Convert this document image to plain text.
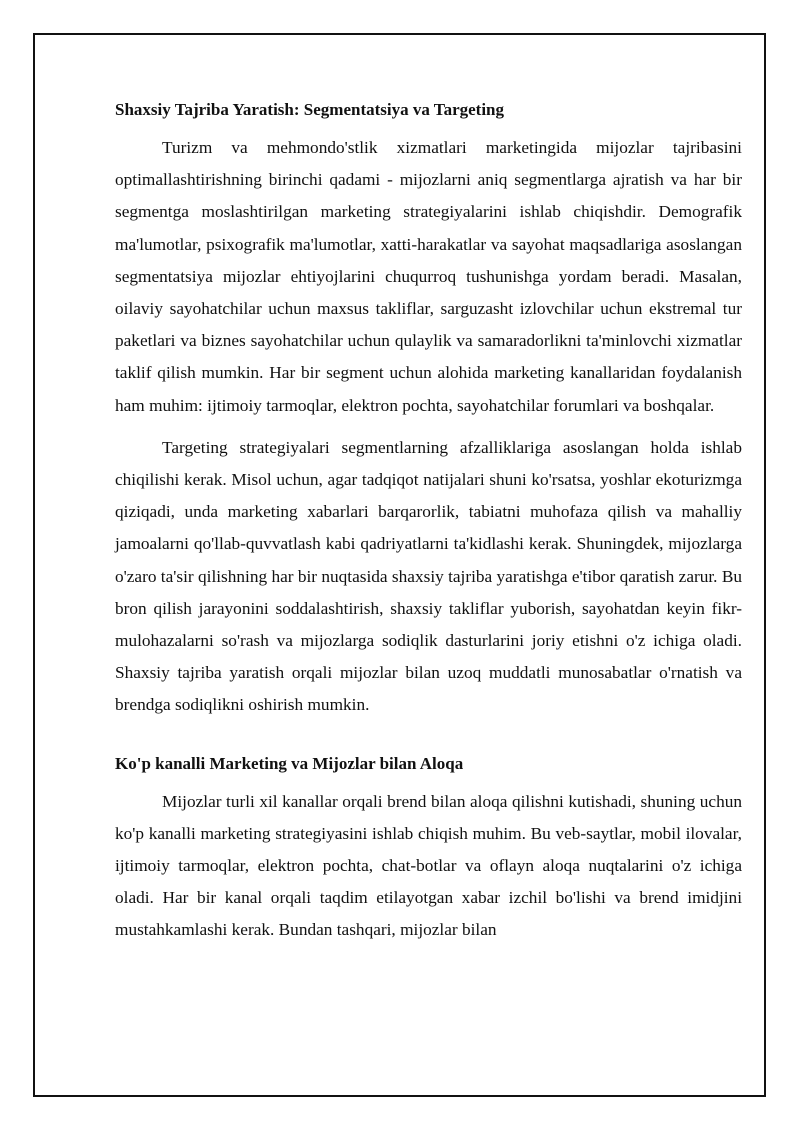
Shaxsiy Tajriba Yaratish: Segmentatsiya va Targeting

Turizm va mehmondo'stlik xizmatlari marketingida mijozlar tajribasini optimallashtirishning birinchi qadami - mijozlarni aniq segmentlarga ajratish va har bir segmentga moslashtirilgan marketing strategiyalarini ishlab chiqishdir. Demografik ma'lumotlar, psixografik ma'lumotlar, xatti-harakatlar va sayohat maqsadlariga asoslangan segmentatsiya mijozlar ehtiyojlarini chuqurroq tushunishga yordam beradi. Masalan, oilaviy sayohatchilar uchun maxsus takliflar, sarguzasht izlovchilar uchun ekstremal tur paketlari va biznes sayohatchilar uchun qulaylik va samaradorlikni ta'minlovchi xizmatlar taklif qilish mumkin. Har bir segment uchun alohida marketing kanallaridan foydalanish ham muhim: ijtimoiy tarmoqlar, elektron pochta, sayohatchilar forumlari va boshqalar.

Targeting strategiyalari segmentlarning afzalliklariga asoslangan holda ishlab chiqilishi kerak. Misol uchun, agar tadqiqot natijalari shuni ko'rsatsa, yoshlar ekoturizmga qiziqadi, unda marketing xabarlari barqarorlik, tabiatni muhofaza qilish va mahalliy jamoalarni qo'llab-quvvatlash kabi qadriyatlarni ta'kidlashi kerak. Shuningdek, mijozlarga o'zaro ta'sir qilishning har bir nuqtasida shaxsiy tajriba yaratishga e'tibor qaratish zarur. Bu bron qilish jarayonini soddalashtirish, shaxsiy takliflar yuborish, sayohatdan keyin fikr-mulohazalarni so'rash va mijozlarga sodiqlik dasturlarini joriy etishni o'z ichiga oladi. Shaxsiy tajriba yaratish orqali mijozlar bilan uzoq muddatli munosabatlar o'rnatish va brendga sodiqlikni oshirish mumkin.

Ko'p kanalli Marketing va Mijozlar bilan Aloqa

Mijozlar turli xil kanallar orqali brend bilan aloqa qilishni kutishadi, shuning uchun ko'p kanalli marketing strategiyasini ishlab chiqish muhim. Bu veb-saytlar, mobil ilovalar, ijtimoiy tarmoqlar, elektron pochta, chat-botlar va oflayn aloqa nuqtalarini o'z ichiga oladi. Har bir kanal orqali taqdim etilayotgan xabar izchil bo'lishi va brend imidjini mustahkamlashi kerak. Bundan tashqari, mijozlar bilan
